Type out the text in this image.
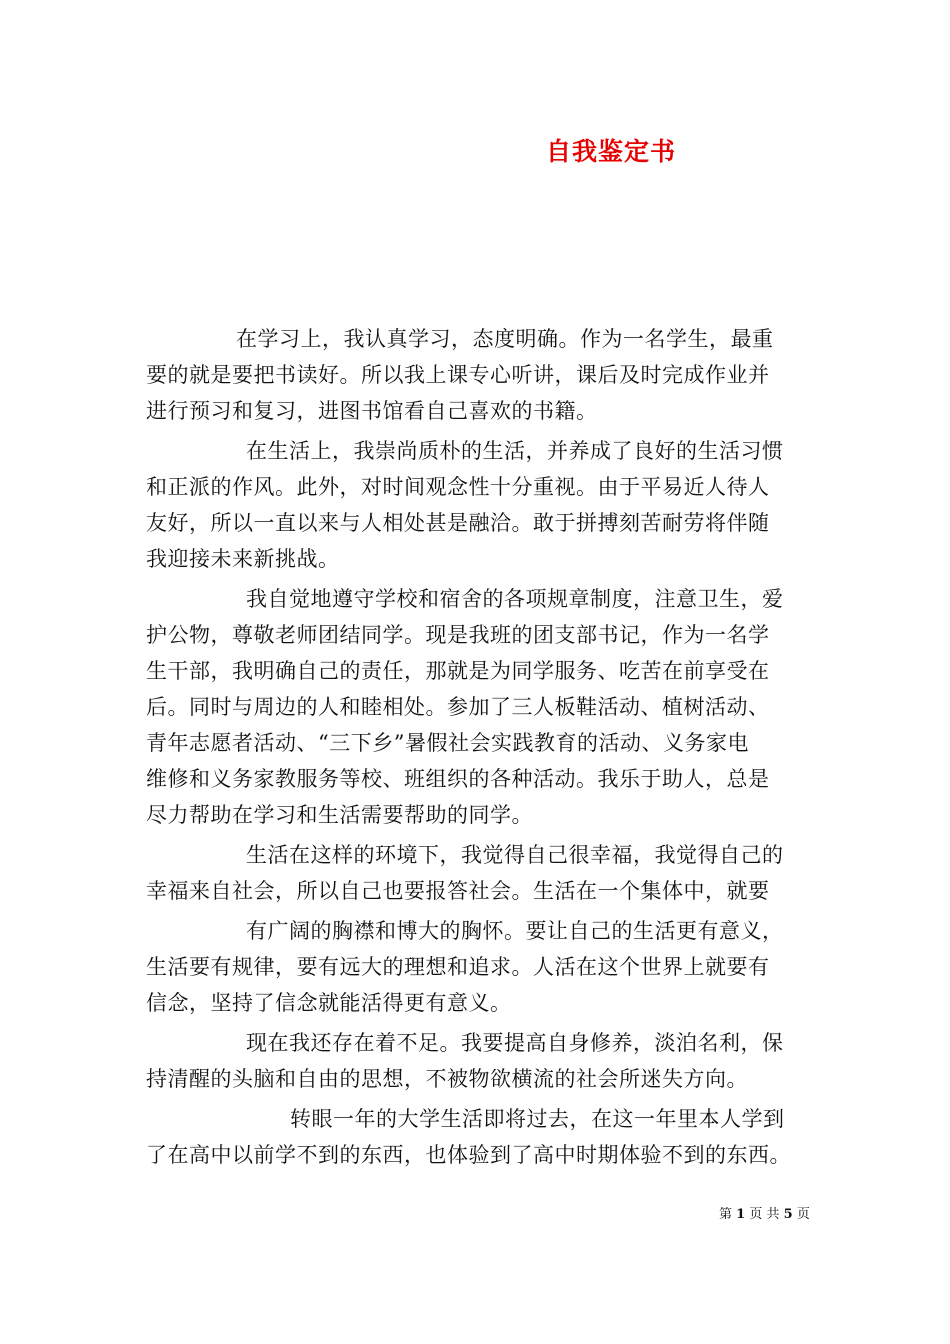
自我鉴定书
在学习上，我认真学习，态度明确。作为一名学生，最重
要的就是要把书读好。所以我上课专心听讲，课后及时完成作业并
进行预习和复习，进图书馆看自己喜欢的书籍。
在生活上，我崇尚质朴的生活，并养成了良好的生活习惯
和正派的作风。此外，对时间观念性十分重视。由于平易近人待人
友好，所以一直以来与人相处甚是融洽。敢于拼搏刻苦耐劳将伴随
我迎接未来新挑战。
我自觉地遵守学校和宿舍的各项规章制度，注意卫生，爱
护公物，尊敬老师团结同学。现是我班的团支部书记，作为一名学
生干部，我明确自己的责任，那就是为同学服务、吃苦在前享受在
后。同时与周边的人和睦相处。参加了三人板鞋活动、植树活动、
青年志愿者活动、“三下乡”暑假社会实践教育的活动、义务家电
维修和义务家教服务等校、班组织的各种活动。我乐于助人，总是
尽力帮助在学习和生活需要帮助的同学。
生活在这样的环境下，我觉得自己很幸福，我觉得自己的
幸福来自社会，所以自己也要报答社会。生活在一个集体中，就要
有广阔的胸襟和博大的胸怀。要让自己的生活更有意义，
生活要有规律，要有远大的理想和追求。人活在这个世界上就要有
信念，坚持了信念就能活得更有意义。
现在我还存在着不足。我要提高自身修养，淡泊名利，保
持清醒的头脑和自由的思想，不被物欲横流的社会所迷失方向。
转眼一年的大学生活即将过去，在这一年里本人学到
了在高中以前学不到的东西，也体验到了高中时期体验不到的东西。
第 1 页 共 5 页
